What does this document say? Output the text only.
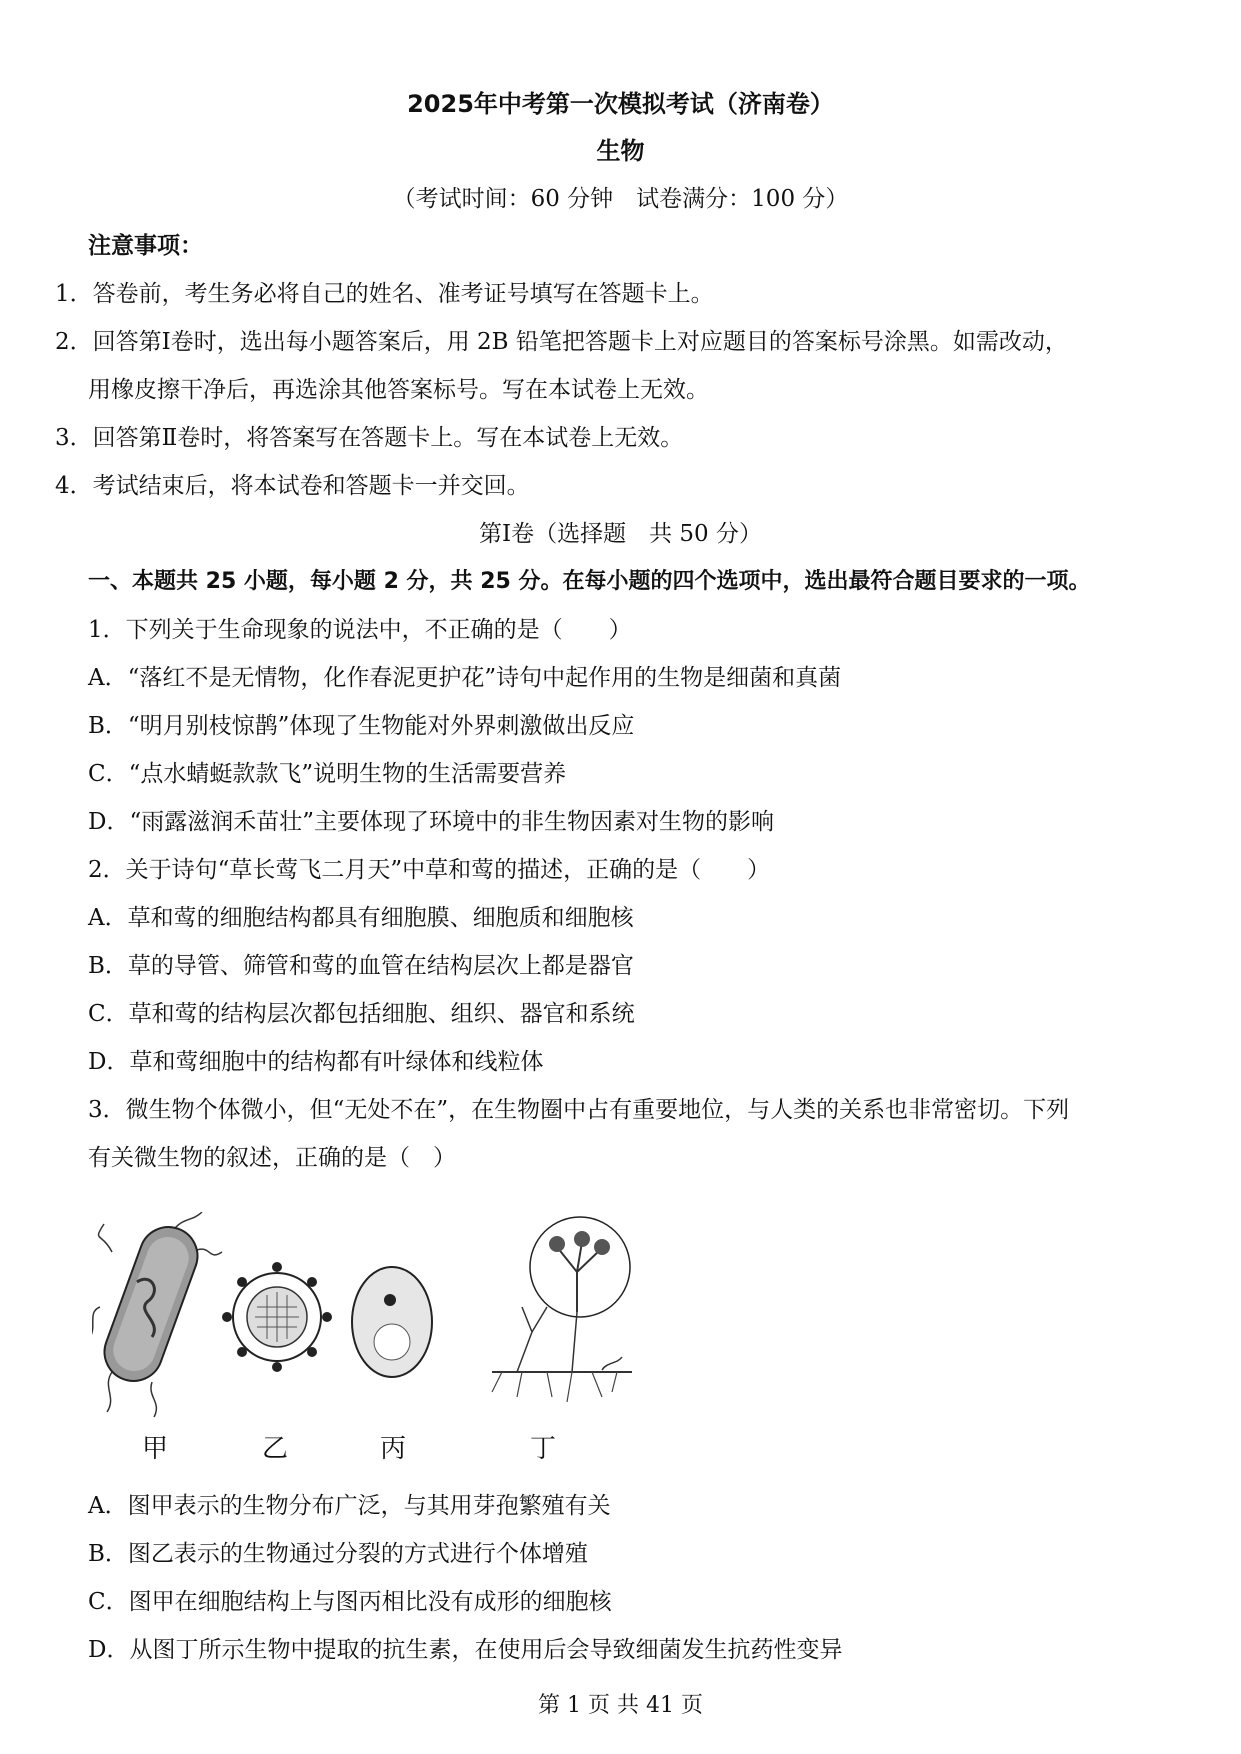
2025年中考第一次模拟考试（济南卷）
生物
（考试时间：60 分钟　试卷满分：100 分）
注意事项：
1．答卷前，考生务必将自己的姓名、准考证号填写在答题卡上。
2．回答第Ⅰ卷时，选出每小题答案后，用 2B 铅笔把答题卡上对应题目的答案标号涂黑。如需改动，
用橡皮擦干净后，再选涂其他答案标号。写在本试卷上无效。
3．回答第Ⅱ卷时，将答案写在答题卡上。写在本试卷上无效。
4．考试结束后，将本试卷和答题卡一并交回。
第Ⅰ卷（选择题　共 50 分）
一、本题共 25 小题，每小题 2 分，共 25 分。在每小题的四个选项中，选出最符合题目要求的一项。
1．下列关于生命现象的说法中，不正确的是（　　）
A．“落红不是无情物，化作春泥更护花”诗句中起作用的生物是细菌和真菌
B．“明月别枝惊鹊”体现了生物能对外界刺激做出反应
C．“点水蜻蜓款款飞”说明生物的生活需要营养
D．“雨露滋润禾苗壮”主要体现了环境中的非生物因素对生物的影响
2．关于诗句“草长莺飞二月天”中草和莺的描述，正确的是（　　）
A．草和莺的细胞结构都具有细胞膜、细胞质和细胞核
B．草的导管、筛管和莺的血管在结构层次上都是器官
C．草和莺的结构层次都包括细胞、组织、器官和系统
D．草和莺细胞中的结构都有叶绿体和线粒体
3．微生物个体微小，但“无处不在”，在生物圈中占有重要地位，与人类的关系也非常密切。下列
有关微生物的叙述，正确的是（　）
甲	乙	丙	丁
A．图甲表示的生物分布广泛，与其用芽孢繁殖有关
B．图乙表示的生物通过分裂的方式进行个体增殖
C．图甲在细胞结构上与图丙相比没有成形的细胞核
D．从图丁所示生物中提取的抗生素，在使用后会导致细菌发生抗药性变异
第 1 页 共 41 页
